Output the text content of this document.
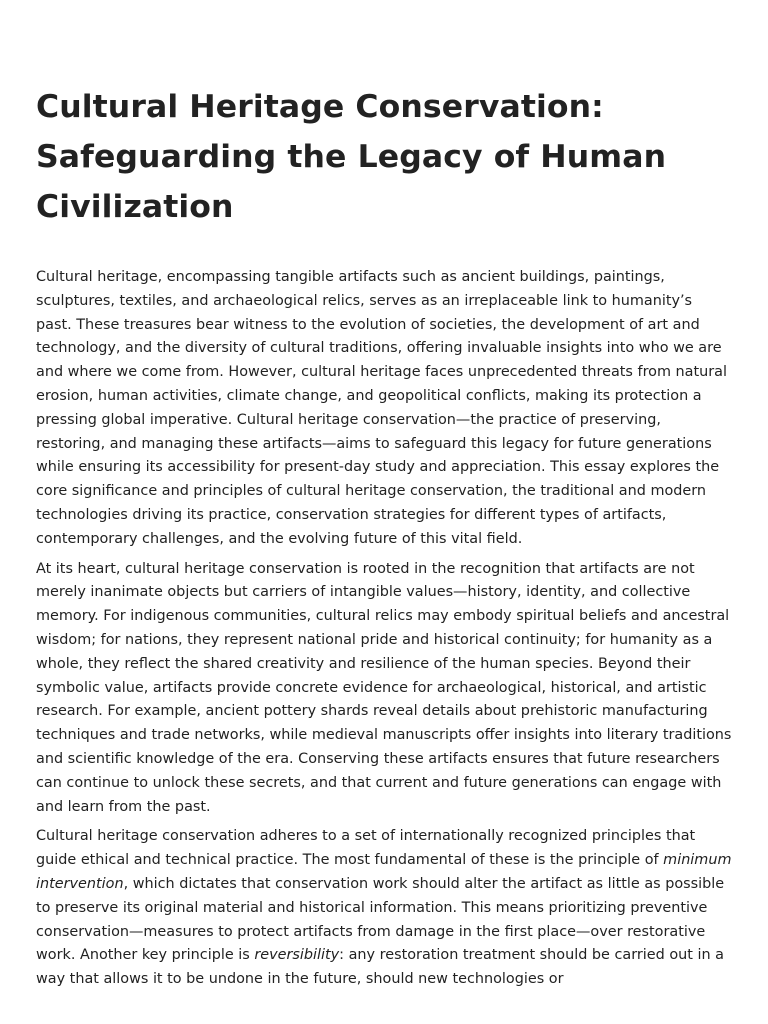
Cultural Heritage Conservation: Safeguarding the Legacy of Human Civilization

Cultural heritage, encompassing tangible artifacts such as ancient buildings, paintings, sculptures, textiles, and archaeological relics, serves as an irreplaceable link to humanity’s past. These treasures bear witness to the evolution of societies, the development of art and technology, and the diversity of cultural traditions, offering invaluable insights into who we are and where we come from. However, cultural heritage faces unprecedented threats from natural erosion, human activities, climate change, and geopolitical conflicts, making its protection a pressing global imperative. Cultural heritage conservation—the practice of preserving, restoring, and managing these artifacts—aims to safeguard this legacy for future generations while ensuring its accessibility for present-day study and appreciation. This essay explores the core significance and principles of cultural heritage conservation, the traditional and modern technologies driving its practice, conservation strategies for different types of artifacts, contemporary challenges, and the evolving future of this vital field.

At its heart, cultural heritage conservation is rooted in the recognition that artifacts are not merely inanimate objects but carriers of intangible values—history, identity, and collective memory. For indigenous communities, cultural relics may embody spiritual beliefs and ancestral wisdom; for nations, they represent national pride and historical continuity; for humanity as a whole, they reflect the shared creativity and resilience of the human species. Beyond their symbolic value, artifacts provide concrete evidence for archaeological, historical, and artistic research. For example, ancient pottery shards reveal details about prehistoric manufacturing techniques and trade networks, while medieval manuscripts offer insights into literary traditions and scientific knowledge of the era. Conserving these artifacts ensures that future researchers can continue to unlock these secrets, and that current and future generations can engage with and learn from the past.

Cultural heritage conservation adheres to a set of internationally recognized principles that guide ethical and technical practice. The most fundamental of these is the principle of minimum intervention, which dictates that conservation work should alter the artifact as little as possible to preserve its original material and historical information. This means prioritizing preventive conservation—measures to protect artifacts from damage in the first place—over restorative work. Another key principle is reversibility: any restoration treatment should be carried out in a way that allows it to be undone in the future, should new technologies or
